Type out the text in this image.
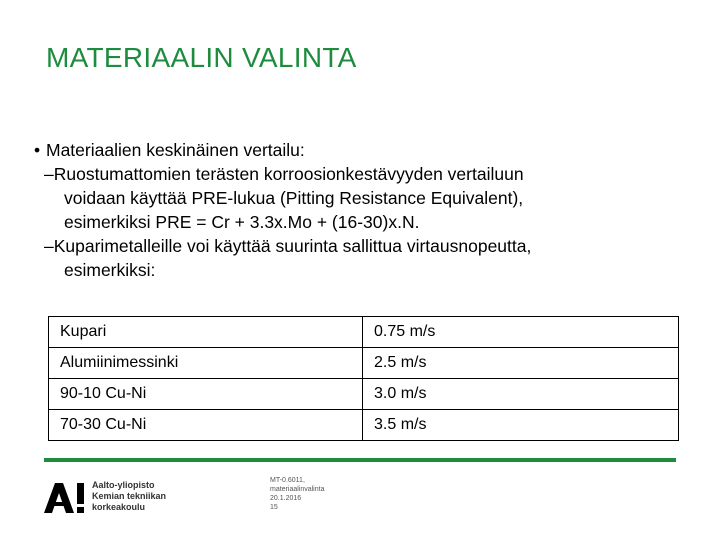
MATERIAALIN VALINTA
• Materiaalien keskinäinen vertailu:
–Ruostumattomien terästen korroosionkestävyyden vertailuun
voidaan käyttää PRE-lukua (Pitting Resistance Equivalent),
esimerkiksi PRE = Cr + 3.3x.Mo + (16-30)x.N.
–Kuparimetalleille voi käyttää suurinta sallittua virtausnopeutta,
esimerkiksi:
Kupari	0.75 m/s
Alumiinimessinki	2.5 m/s
90-10 Cu-Ni	3.0 m/s
70-30 Cu-Ni	3.5 m/s
Aalto-yliopisto
Kemian tekniikan
korkeakoulu
MT-0.6011,
materiaalinvalinta
20.1.2016
15
